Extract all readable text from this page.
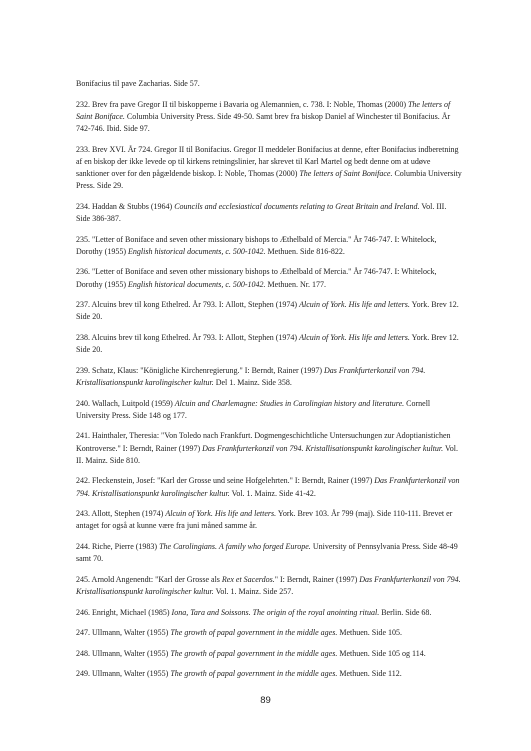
Bonifacius til pave Zacharias. Side 57.

232. Brev fra pave Gregor II til biskopperne i Bavaria og Alemannien, c. 738. I: Noble, Thomas (2000) The letters of Saint Boniface. Columbia University Press. Side 49-50. Samt brev fra biskop Daniel af Winchester til Bonifacius. År 742-746. Ibid. Side 97.

233. Brev XVI. År 724. Gregor II til Bonifacius. Gregor II meddeler Bonifacius at denne, efter Bonifacius indberetning af en biskop der ikke levede op til kirkens retningslinier, har skrevet til Karl Martel og bedt denne om at udøve sanktioner over for den pågældende biskop. I: Noble, Thomas (2000) The letters of Saint Boniface. Columbia University Press. Side 29.

234. Haddan & Stubbs (1964) Councils and ecclesiastical documents relating to Great Britain and Ireland. Vol. III. Side 386-387.

235. "Letter of Boniface and seven other missionary bishops to Æthelbald of Mercia." År 746-747. I: Whitelock, Dorothy (1955) English historical documents, c. 500-1042. Methuen. Side 816-822.

236. "Letter of Boniface and seven other missionary bishops to Æthelbald of Mercia." År 746-747. I: Whitelock, Dorothy (1955) English historical documents, c. 500-1042. Methuen. Nr. 177.

237. Alcuins brev til kong Ethelred. År 793. I: Allott, Stephen (1974) Alcuin of York. His life and letters. York. Brev 12. Side 20.

238. Alcuins brev til kong Ethelred. År 793. I: Allott, Stephen (1974) Alcuin of York. His life and letters. York. Brev 12. Side 20.

239. Schatz, Klaus: "Königliche Kirchenregierung." I: Berndt, Rainer (1997) Das Frankfurterkonzil von 794. Kristallisationspunkt karolingischer kultur. Del 1. Mainz. Side 358.

240. Wallach, Luitpold (1959) Alcuin and Charlemagne: Studies in Carolingian history and literature. Cornell University Press. Side 148 og 177.

241. Hainthaler, Theresia: "Von Toledo nach Frankfurt. Dogmengeschichtliche Untersuchungen zur Adoptianistichen Kontroverse." I: Berndt, Rainer (1997) Das Frankfurterkonzil von 794. Kristallisationspunkt karolingischer kultur. Vol. II. Mainz. Side 810.

242. Fleckenstein, Josef: "Karl der Grosse und seine Hofgelehrten." I: Berndt, Rainer (1997) Das Frankfurterkonzil von 794. Kristallisationspunkt karolingischer kultur. Vol. 1. Mainz. Side 41-42.

243. Allott, Stephen (1974) Alcuin of York. His life and letters. York. Brev 103. År 799 (maj). Side 110-111. Brevet er antaget for også at kunne være fra juni måned samme år.

244. Riche, Pierre (1983) The Carolingians. A family who forged Europe. University of Pennsylvania Press. Side 48-49 samt 70.

245. Arnold Angenendt: "Karl der Grosse als Rex et Sacerdos." I: Berndt, Rainer (1997) Das Frankfurterkonzil von 794. Kristallisationspunkt karolingischer kultur. Vol. 1. Mainz. Side 257.

246. Enright, Michael (1985) Iona, Tara and Soissons. The origin of the royal anointing ritual. Berlin. Side 68.

247. Ullmann, Walter (1955) The growth of papal government in the middle ages. Methuen. Side 105.

248. Ullmann, Walter (1955) The growth of papal government in the middle ages. Methuen. Side 105 og 114.

249. Ullmann, Walter (1955) The growth of papal government in the middle ages. Methuen. Side 112.

89
